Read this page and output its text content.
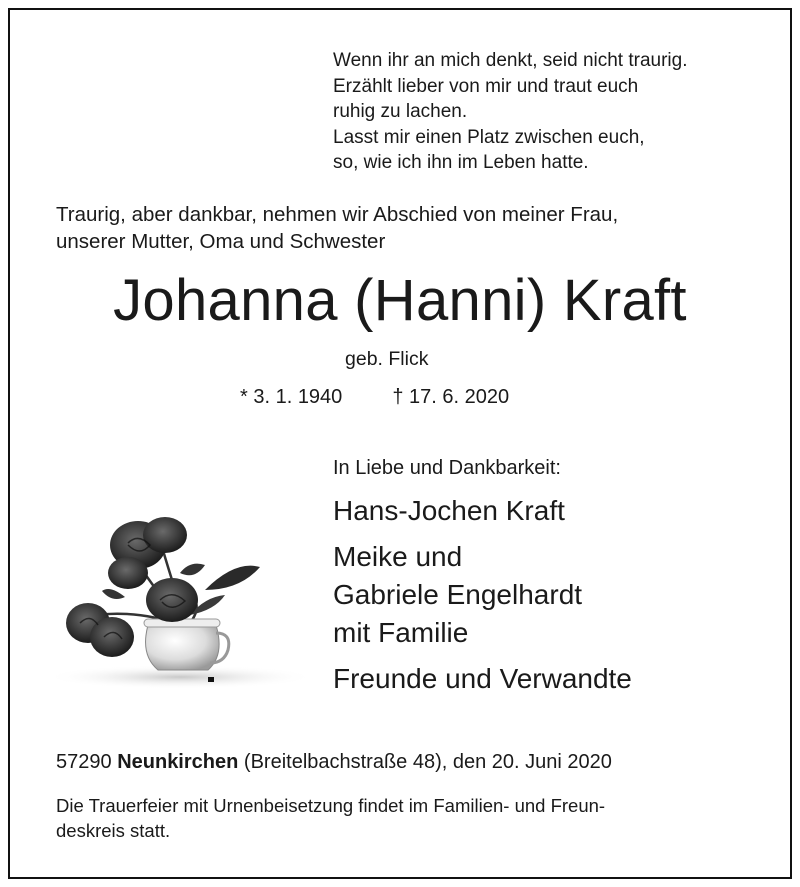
Wenn ihr an mich denkt, seid nicht traurig.
Erzählt lieber von mir und traut euch
ruhig zu lachen.
Lasst mir einen Platz zwischen euch,
so, wie ich ihn im Leben hatte.
Traurig, aber dankbar, nehmen wir Abschied von meiner Frau,
unserer Mutter, Oma und Schwester
Johanna (Hanni) Kraft
geb. Flick
* 3. 1. 1940	† 17. 6. 2020
In Liebe und Dankbarkeit:
Hans-Jochen Kraft
Meike und
Gabriele Engelhardt
mit Familie
Freunde und Verwandte
57290 Neunkirchen (Breitelbachstraße 48), den 20. Juni 2020
Die Trauerfeier mit Urnenbeisetzung findet im Familien- und Freun-
deskreis statt.
